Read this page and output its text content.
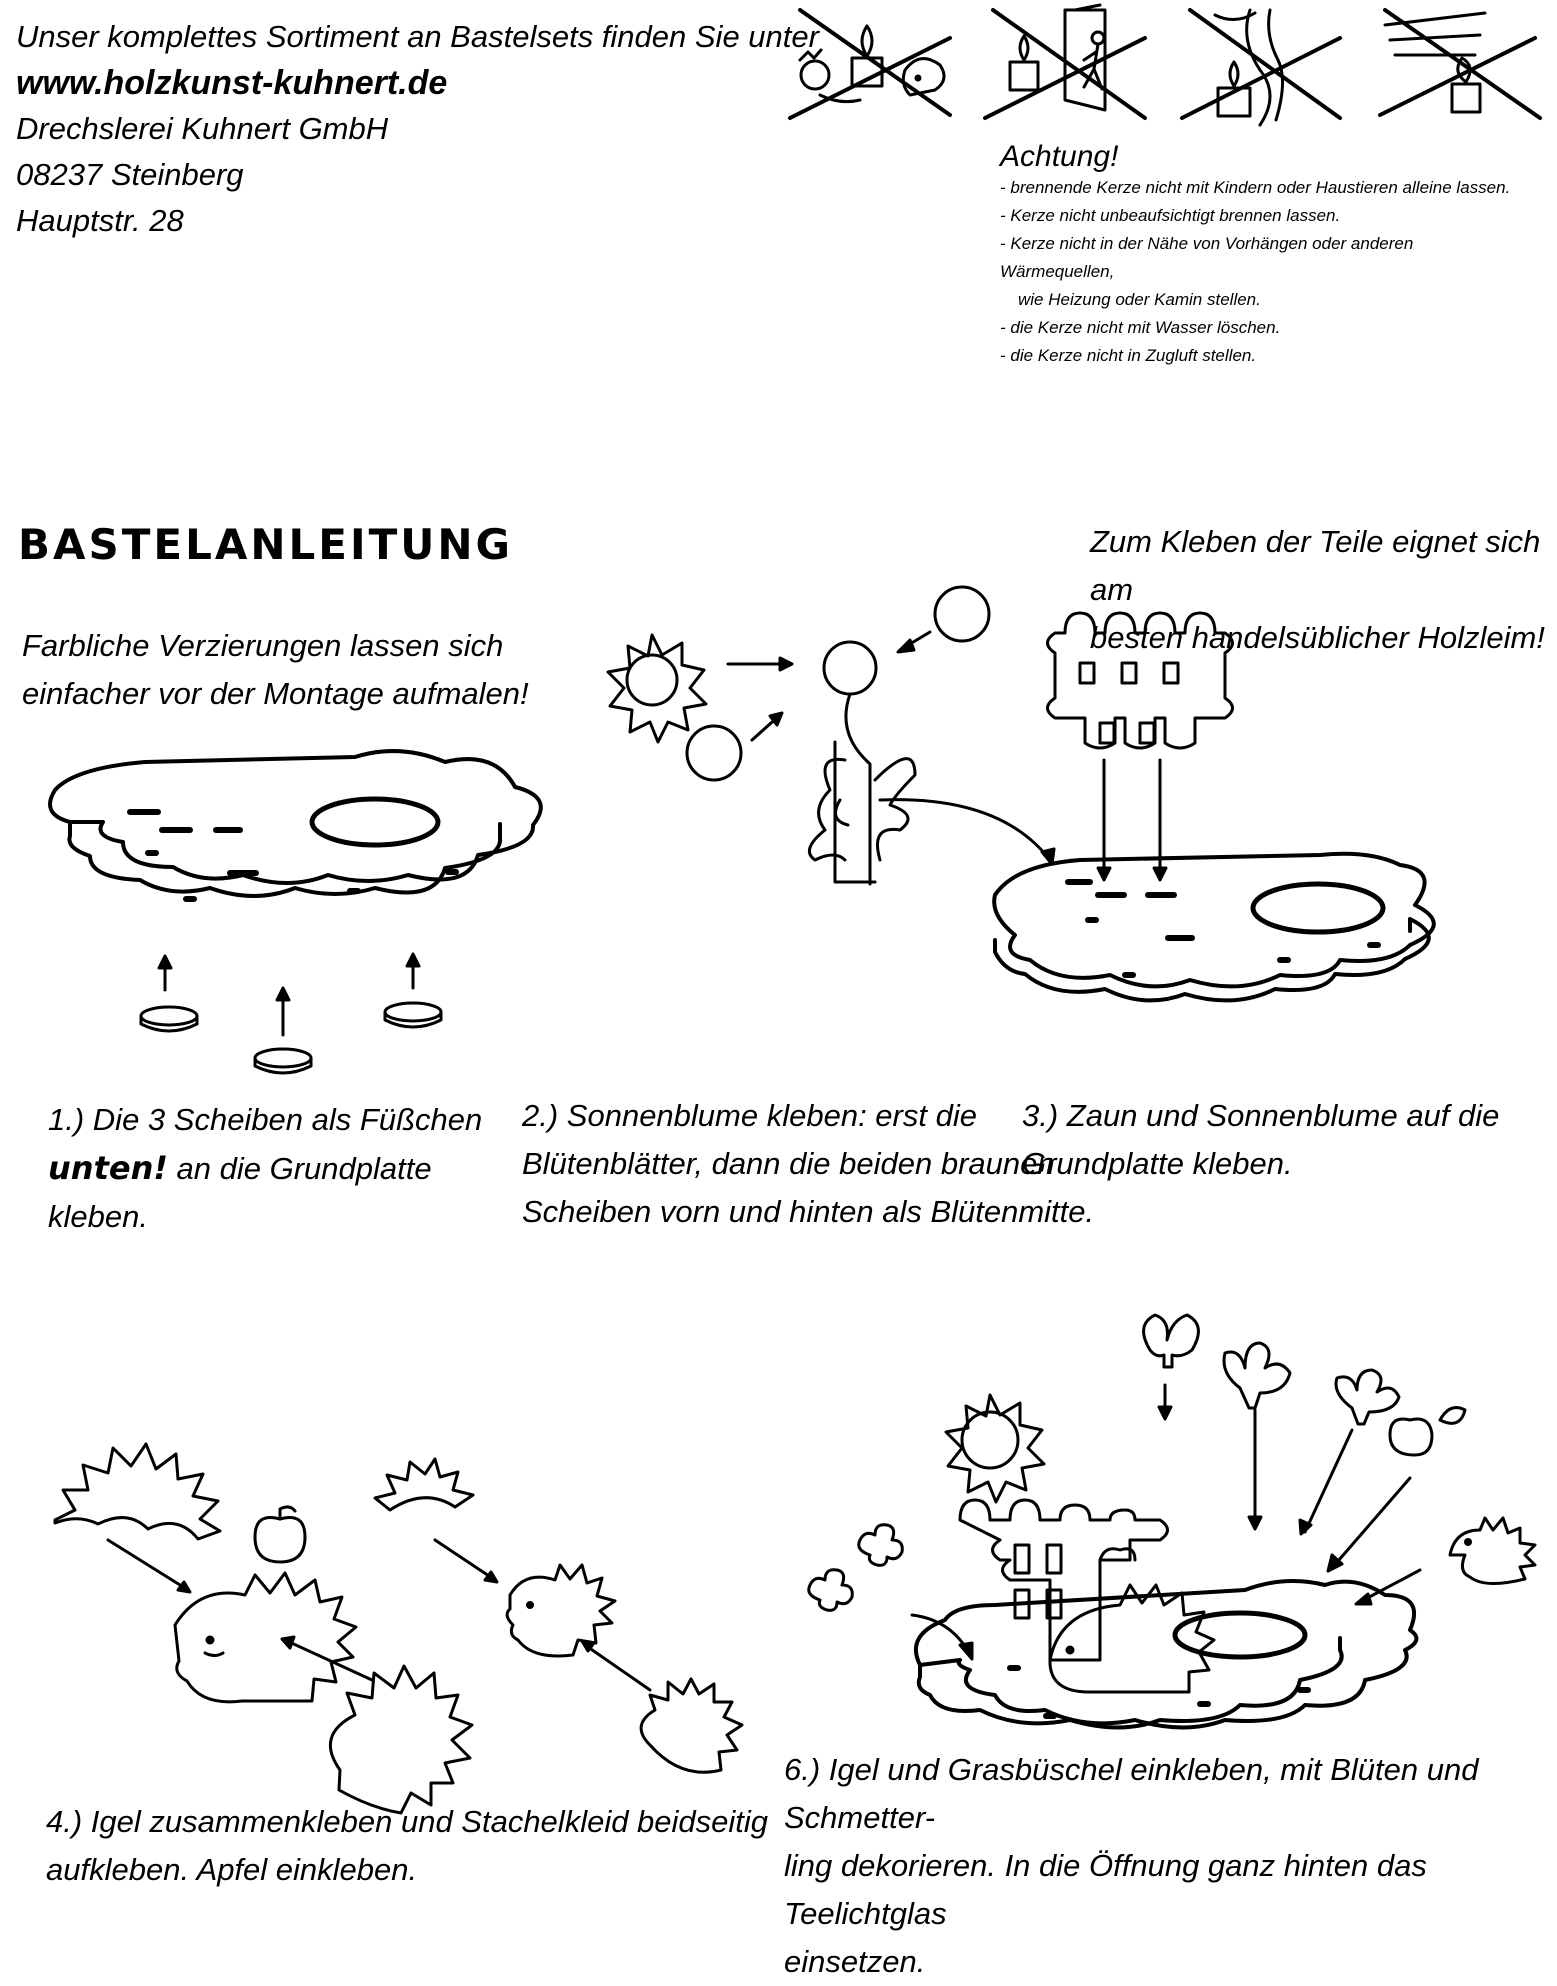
Unser komplettes Sortiment an Bastelsets finden Sie unter
www.holzkunst-kuhnert.de
Drechslerei Kuhnert GmbH
08237 Steinberg
Hauptstr. 28
Achtung!
- brennende Kerze nicht mit Kindern oder Haustieren alleine lassen.
- Kerze nicht unbeaufsichtigt brennen lassen.
- Kerze nicht in der Nähe von Vorhängen oder anderen Wärmequellen,
wie Heizung oder Kamin stellen.
- die Kerze nicht mit Wasser löschen.
- die Kerze nicht in Zugluft stellen.
BASTELANLEITUNG
Farbliche Verzierungen lassen sich
einfacher vor der Montage aufmalen!
Zum Kleben der Teile eignet sich am
besten handelsüblicher Holzleim!
1.) Die 3 Scheiben als Füßchen
unten! an die Grundplatte
kleben.
2.) Sonnenblume kleben: erst die
Blütenblätter, dann die beiden braunen
Scheiben vorn und hinten als Blütenmitte.
3.) Zaun und Sonnenblume auf die
Grundplatte kleben.
4.) Igel zusammenkleben und Stachelkleid beidseitig
aufkleben. Apfel einkleben.
6.) Igel und Grasbüschel einkleben, mit Blüten und Schmetter-
ling dekorieren. In die Öffnung ganz hinten das Teelichtglas
einsetzen.
